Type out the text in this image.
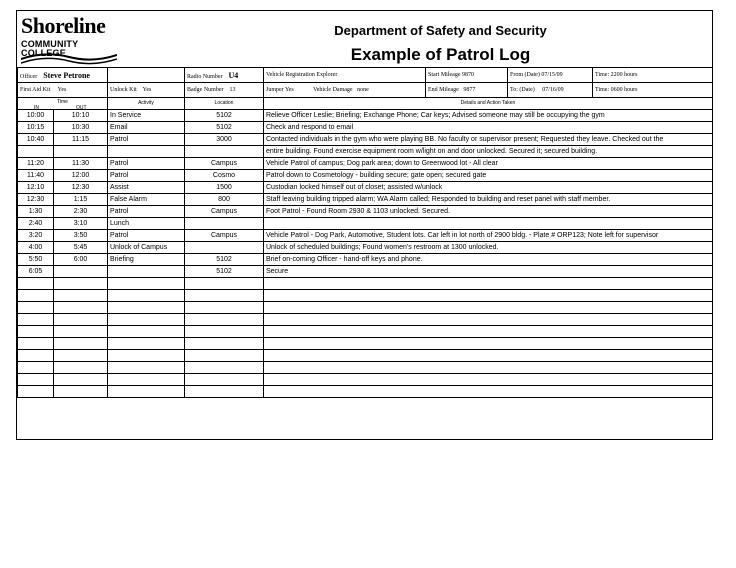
Shoreline
COMMUNITY COLLEGE
Department of Safety and Security
Example of Patrol Log
Officer Steve Petrone		Radio Number U4	Vehicle Registration Explorer	Start Mileage 9870	From (Date) 07/15/09	Time: 2200 hours
First Aid Kit Yes	Unlock Kit Yes	Badge Number 13	Jumper Yes Vehicle Damage none	End Mileage 9877	To: (Date) 07/16/09	Time: 0600 hours
Time
IN OUT		Activity	Location	Details and Action Taken
10:00	10:10	In Service	5102	Relieve Officer Leslie; Briefing; Exchange Phone; Car keys; Advised someone may still be occupying the gym
10:15	10:30	Email	5102	Check and respond to email
10:40	11:15	Patrol	3000	Contacted individuals in the gym who were playing BB. No faculty or supervisor present; Requested they leave. Checked out the
				entire building. Found exercise equipment room w/light on and door unlocked. Secured it; secured building.
11:20	11:30	Patrol	Campus	Vehicle Patrol of campus; Dog park area; down to Greenwood lot - All clear
11:40	12:00	Patrol	Cosmo	Patrol down to Cosmetology - building secure; gate open; secured gate
12:10	12:30	Assist	1500	Custodian locked himself out of closet; assisted w/unlock
12:30	1:15	False Alarm	800	Staff leaving building tripped alarm; WA Alarm called; Responded to building and reset panel with staff member.
1:30	2:30	Patrol	Campus	Foot Patrol - Found Room 2930 & 1103 unlocked. Secured.
2:40	3:10	Lunch		
3:20	3:50	Patrol	Campus	Vehicle Patrol - Dog Park, Automotive, Student lots. Car left in lot north of 2900 bldg. - Plate # ORP123; Note left for supervisor
4:00	5:45	Unlock of Campus		Unlock of scheduled buildings; Found women's restroom at 1300 unlocked.
5:50	6:00	Briefing	5102	Brief on-coming Officer - hand-off keys and phone.
6:05			5102	Secure
